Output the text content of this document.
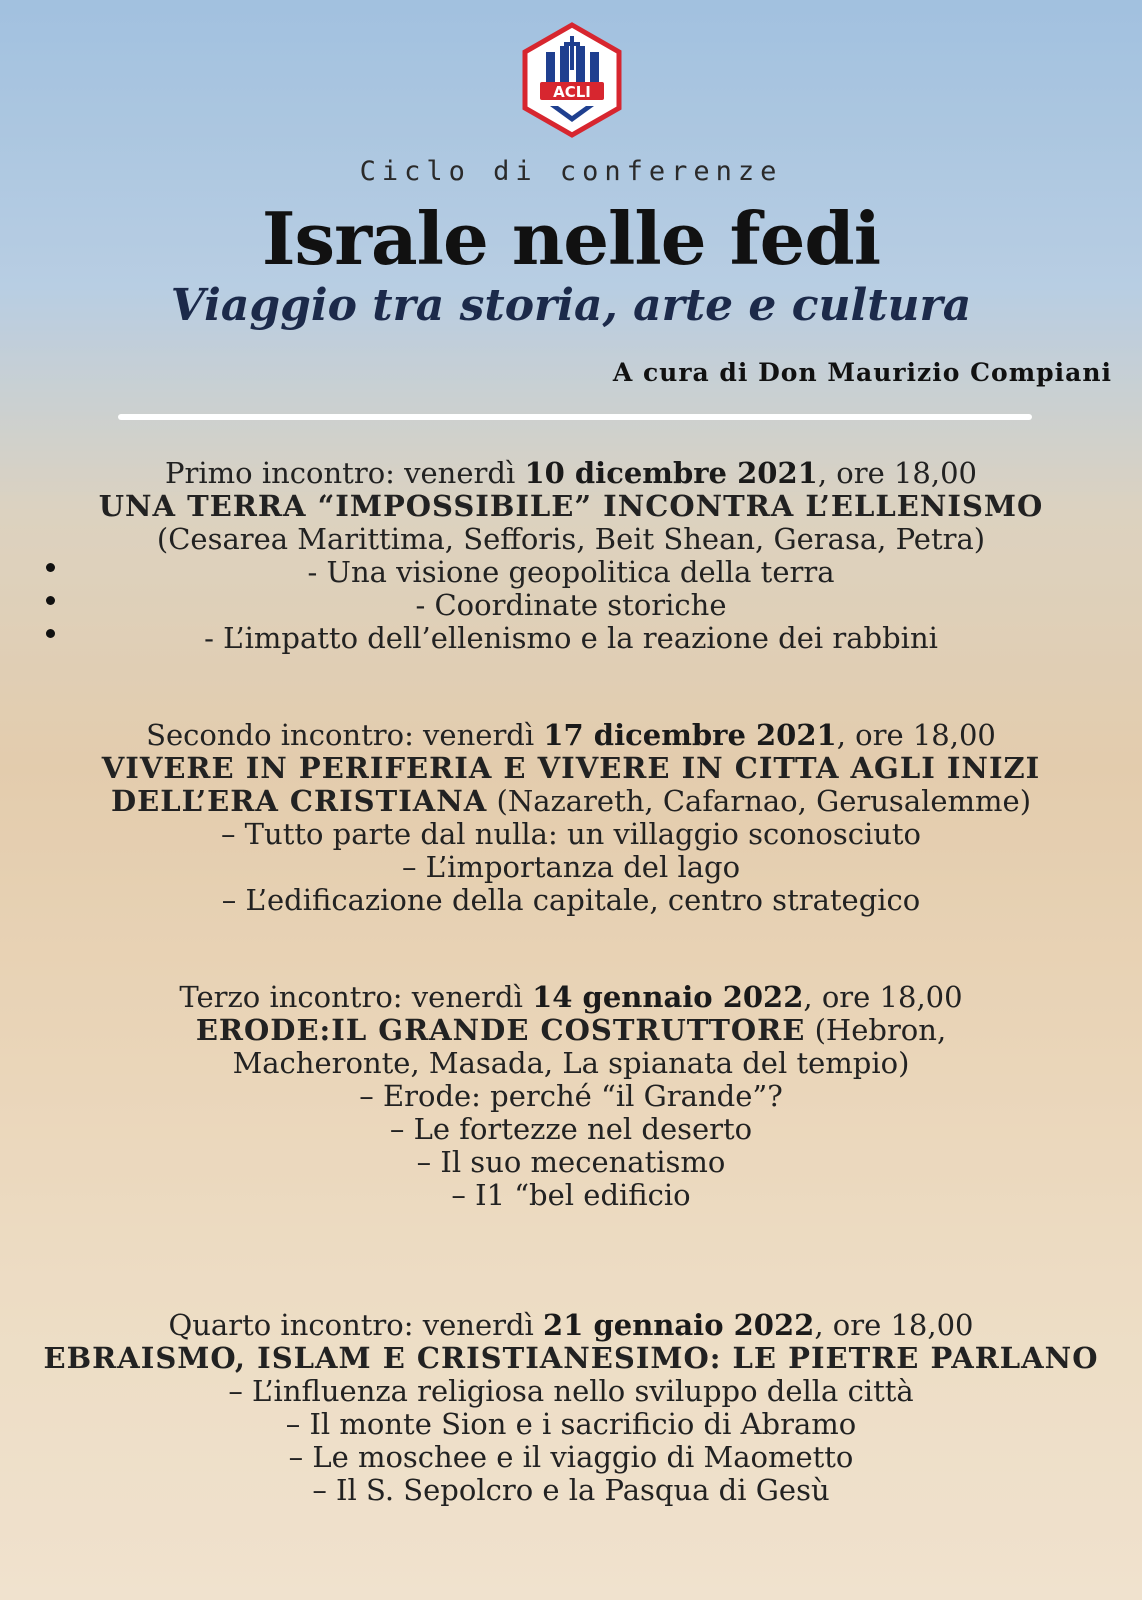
ACLI
Ciclo di conferenze
Israle nelle fedi
Viaggio tra storia, arte e cultura
A cura di Don Maurizio Compiani

Primo incontro: venerdì 10 dicembre 2021, ore 18,00

UNA TERRA “IMPOSSIBILE” INCONTRA L’ELLENISMO (Cesarea Marittima, Sefforis, Beit Shean, Gerasa, Petra)

- Una visione geopolitica della terra

- Coordinate storiche

- L’impatto dell’ellenismo e la reazione dei rabbini

Secondo incontro: venerdì 17 dicembre 2021, ore 18,00

VIVERE IN PERIFERIA E VIVERE IN CITTA AGLI INIZI DELL’ERA CRISTIANA (Nazareth, Cafarnao, Gerusalemme)

– Tutto parte dal nulla: un villaggio sconosciuto

– L’importanza del lago

– L’edificazione della capitale, centro strategico

Terzo incontro: venerdì 14 gennaio 2022, ore 18,00

ERODE:IL GRANDE COSTRUTTORE (Hebron, Macheronte, Masada, La spianata del tempio)

– Erode: perché “il Grande”?

– Le fortezze nel deserto

– Il suo mecenatismo

– I1 “bel edificio

Quarto incontro: venerdì 21 gennaio 2022, ore 18,00

EBRAISMO, ISLAM E CRISTIANESIMO: LE PIETRE PARLANO

– L’influenza religiosa nello sviluppo della città

– Il monte Sion e i sacrificio di Abramo

– Le moschee e il viaggio di Maometto

– Il S. Sepolcro e la Pasqua di Gesù
